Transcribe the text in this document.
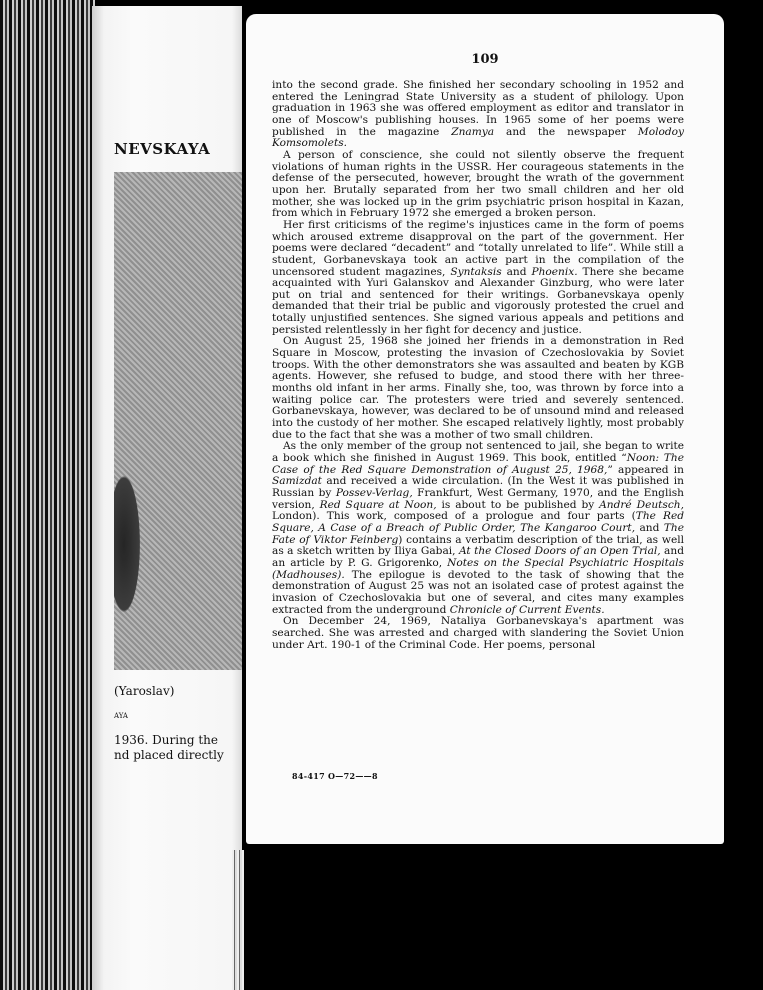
NEVSKAYA
(Yaroslav)
AYA
1936. During the
nd placed directly
109

into the second grade. She finished her secondary schooling in 1952 and entered the Leningrad State University as a student of philology. Upon graduation in 1963 she was offered employment as editor and translator in one of Moscow's publishing houses. In 1965 some of her poems were published in the magazine Znamya and the newspaper Molodoy Komsomolets.

A person of conscience, she could not silently observe the frequent violations of human rights in the USSR. Her courageous statements in the defense of the persecuted, however, brought the wrath of the government upon her. Brutally separated from her two small children and her old mother, she was locked up in the grim psychiatric prison hospital in Kazan, from which in February 1972 she emerged a broken person.

Her first criticisms of the regime's injustices came in the form of poems which aroused extreme disapproval on the part of the government. Her poems were declared “decadent” and “totally unrelated to life”. While still a student, Gorbanevskaya took an active part in the compilation of the uncensored student magazines, Syntaksis and Phoenix. There she became acquainted with Yuri Galanskov and Alexander Ginzburg, who were later put on trial and sentenced for their writings. Gorbanevskaya openly demanded that their trial be public and vigorously protested the cruel and totally unjustified sentences. She signed various appeals and petitions and persisted relentlessly in her fight for decency and justice.

On August 25, 1968 she joined her friends in a demonstration in Red Square in Moscow, protesting the invasion of Czechoslovakia by Soviet troops. With the other demonstrators she was assaulted and beaten by KGB agents. However, she refused to budge, and stood there with her three-months old infant in her arms. Finally she, too, was thrown by force into a waiting police car. The protesters were tried and severely sentenced. Gorbanevskaya, however, was declared to be of unsound mind and released into the custody of her mother. She escaped relatively lightly, most probably due to the fact that she was a mother of two small children.

As the only member of the group not sentenced to jail, she began to write a book which she finished in August 1969. This book, entitled “Noon: The Case of the Red Square Demonstration of August 25, 1968,” appeared in Samizdat and received a wide circulation. (In the West it was published in Russian by Possev-Verlag, Frankfurt, West Germany, 1970, and the English version, Red Square at Noon, is about to be published by André Deutsch, London). This work, composed of a prologue and four parts (The Red Square, A Case of a Breach of Public Order, The Kangaroo Court, and The Fate of Viktor Feinberg) contains a verbatim description of the trial, as well as a sketch written by Iliya Gabai, At the Closed Doors of an Open Trial, and an article by P. G. Grigorenko, Notes on the Special Psychiatric Hospitals (Madhouses). The epilogue is devoted to the task of showing that the demonstration of August 25 was not an isolated case of protest against the invasion of Czechoslovakia but one of several, and cites many examples extracted from the underground Chronicle of Current Events.

On December 24, 1969, Nataliya Gorbanevskaya's apartment was searched. She was arrested and charged with slandering the Soviet Union under Art. 190-1 of the Criminal Code. Her poems, personal

84-417 O—72——8
